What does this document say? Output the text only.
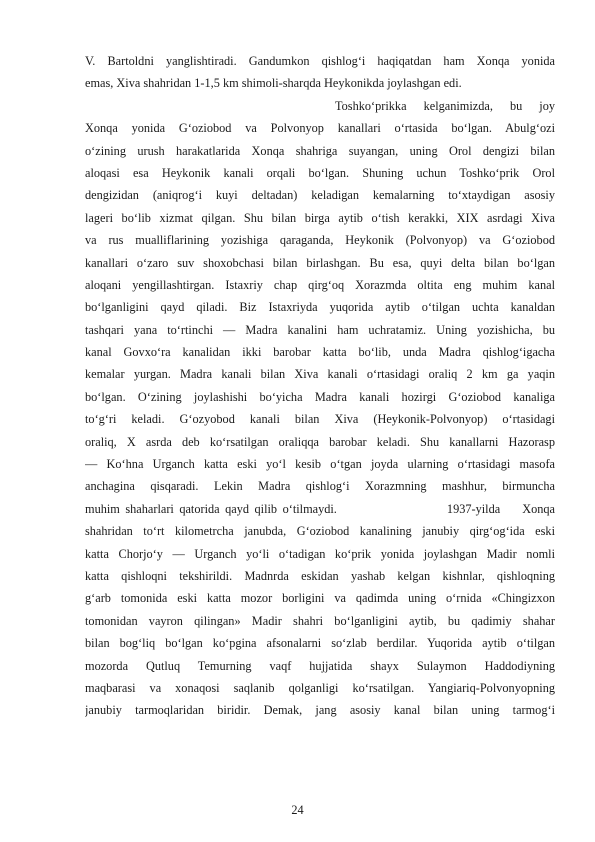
V. Bartoldni yanglishtiradi. Gandumkon qishlog‘i haqiqatdan ham Xonqa yonida
emas, Xiva shahridan 1-1,5 km shimoli-sharqda Heykonikda joylashgan edi.
Toshko‘prikka kelganimizda, bu joy
Xonqa yonida G‘oziobod va Polvonyop kanallari o‘rtasida bo‘lgan. Abulg‘ozi
o‘zining urush harakatlarida Xonqa shahriga suyangan, uning Orol dengizi bilan
aloqasi esa Heykonik kanali orqali bo‘lgan. Shuning uchun Toshko‘prik Orol
dengizidan (aniqrog‘i kuyi deltadan) keladigan kemalarning to‘xtaydigan asosiy
lageri bo‘lib xizmat qilgan. Shu bilan birga aytib o‘tish kerakki, XIX asrdagi Xiva
va rus mualliflarining yozishiga qaraganda, Heykonik (Polvonyop) va G‘oziobod
kanallari o‘zaro suv shoxobchasi bilan birlashgan. Bu esa, quyi delta bilan bo‘lgan
aloqani yengillashtirgan. Istaxriy chap qirg‘oq Xorazmda oltita eng muhim kanal
bo‘lganligini qayd qiladi. Biz Istaxriyda yuqorida aytib o‘tilgan uchta kanaldan
tashqari yana to‘rtinchi — Madra kanalini ham uchratamiz. Uning yozishicha, bu
kanal Govxo‘ra kanalidan ikki barobar katta bo‘lib, unda Madra qishlog‘igacha
kemalar yurgan. Madra kanali bilan Xiva kanali o‘rtasidagi oraliq 2 km ga yaqin
bo‘lgan. O‘zining joylashishi bo‘yicha Madra kanali hozirgi G‘oziobod kanaliga
to‘g‘ri keladi. G‘ozyobod kanali bilan Xiva (Heykonik-Polvonyop) o‘rtasidagi
oraliq, X asrda deb ko‘rsatilgan oraliqqa barobar keladi. Shu kanallarni Hazorasp
— Ko‘hna Urganch katta eski yo‘l kesib o‘tgan joyda ularning o‘rtasidagi masofa
anchagina qisqaradi. Lekin Madra qishlog‘i Xorazmning mashhur, birmuncha
muhim shaharlari qatorida qayd qilib o‘tilmaydi.                    1937-yilda    Xonqa
shahridan to‘rt kilometrcha janubda, G‘oziobod kanalining janubiy qirg‘og‘ida eski
katta Chorjo‘y — Urganch yo‘li o‘tadigan ko‘prik yonida joylashgan Madir nomli
katta qishloqni tekshirildi. Madnrda eskidan yashab kelgan kishnlar, qishloqning
g‘arb tomonida eski katta mozor borligini va qadimda uning o‘rnida «Chingizxon
tomonidan vayron qilingan» Madir shahri bo‘lganligini aytib, bu qadimiy shahar
bilan bog‘liq bo‘lgan ko‘pgina afsonalarni so‘zlab berdilar. Yuqorida aytib o‘tilgan
mozorda Qutluq Temurning vaqf hujjatida shayx Sulaymon Haddodiyning
maqbarasi va xonaqosi saqlanib qolganligi ko‘rsatilgan. Yangiariq-Polvonyopning
janubiy tarmoqlaridan biridir. Demak, jang asosiy kanal bilan uning tarmog‘i
24
